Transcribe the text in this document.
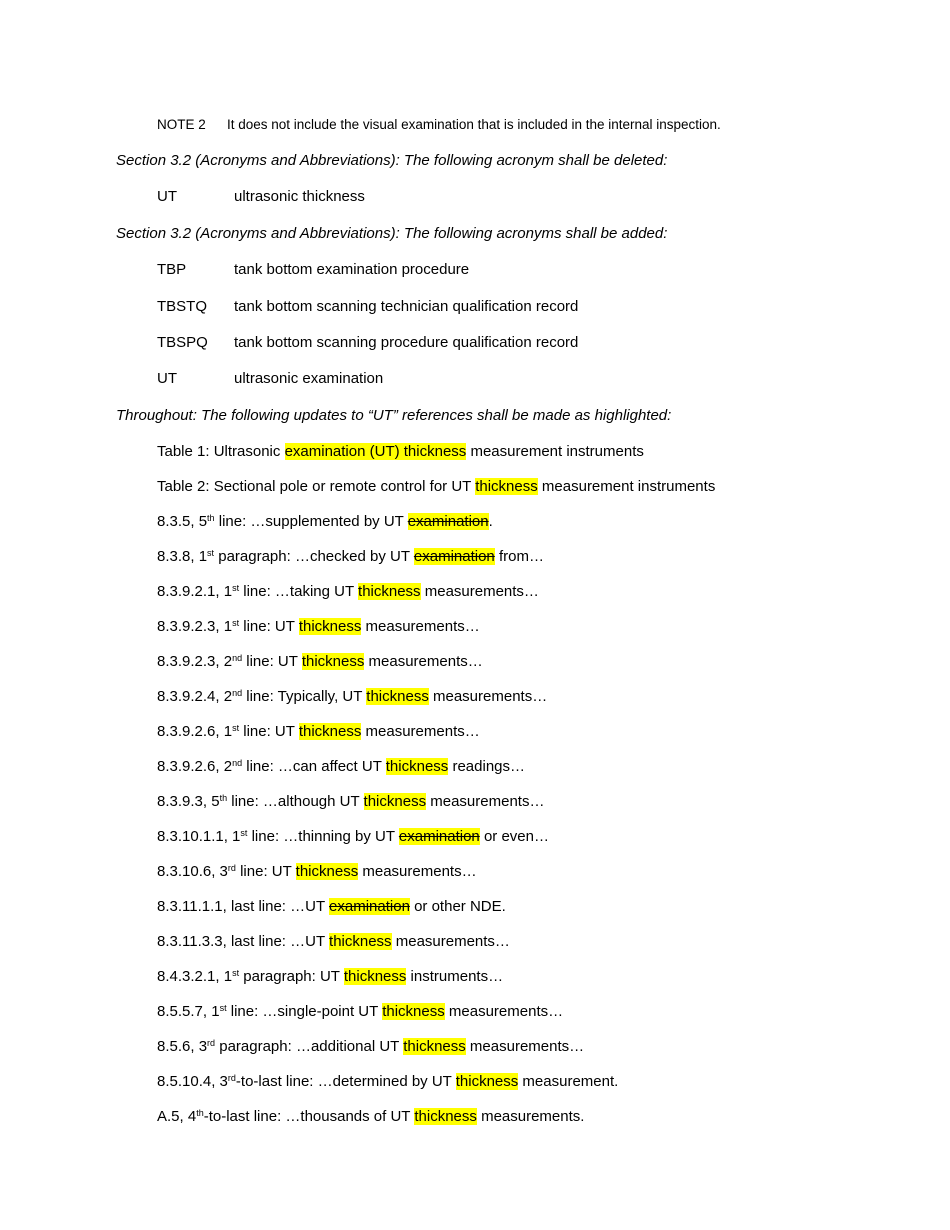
NOTE 2 It does not include the visual examination that is included in the internal inspection.
Section 3.2 (Acronyms and Abbreviations): The following acronym shall be deleted:
UT	ultrasonic thickness
Section 3.2 (Acronyms and Abbreviations): The following acronyms shall be added:
TBP	tank bottom examination procedure
TBSTQ tank bottom scanning technician qualification record
TBSPQ tank bottom scanning procedure qualification record
UT	ultrasonic examination
Throughout: The following updates to “UT” references shall be made as highlighted:
Table 1: Ultrasonic examination (UT) thickness measurement instruments
Table 2: Sectional pole or remote control for UT thickness measurement instruments
8.3.5, 5th line: …supplemented by UT examination.
8.3.8, 1st paragraph: …checked by UT examination from…
8.3.9.2.1, 1st line: …taking UT thickness measurements…
8.3.9.2.3, 1st line: UT thickness measurements…
8.3.9.2.3, 2nd line: UT thickness measurements…
8.3.9.2.4, 2nd line: Typically, UT thickness measurements…
8.3.9.2.6, 1st line: UT thickness measurements…
8.3.9.2.6, 2nd line: …can affect UT thickness readings…
8.3.9.3, 5th line: …although UT thickness measurements…
8.3.10.1.1, 1st line: …thinning by UT examination or even…
8.3.10.6, 3rd line: UT thickness measurements…
8.3.11.1.1, last line: …UT examination or other NDE.
8.3.11.3.3, last line: …UT thickness measurements…
8.4.3.2.1, 1st paragraph: UT thickness instruments…
8.5.5.7, 1st line: …single-point UT thickness measurements…
8.5.6, 3rd paragraph: …additional UT thickness measurements…
8.5.10.4, 3rd-to-last line: …determined by UT thickness measurement.
A.5, 4th-to-last line: …thousands of UT thickness measurements.
